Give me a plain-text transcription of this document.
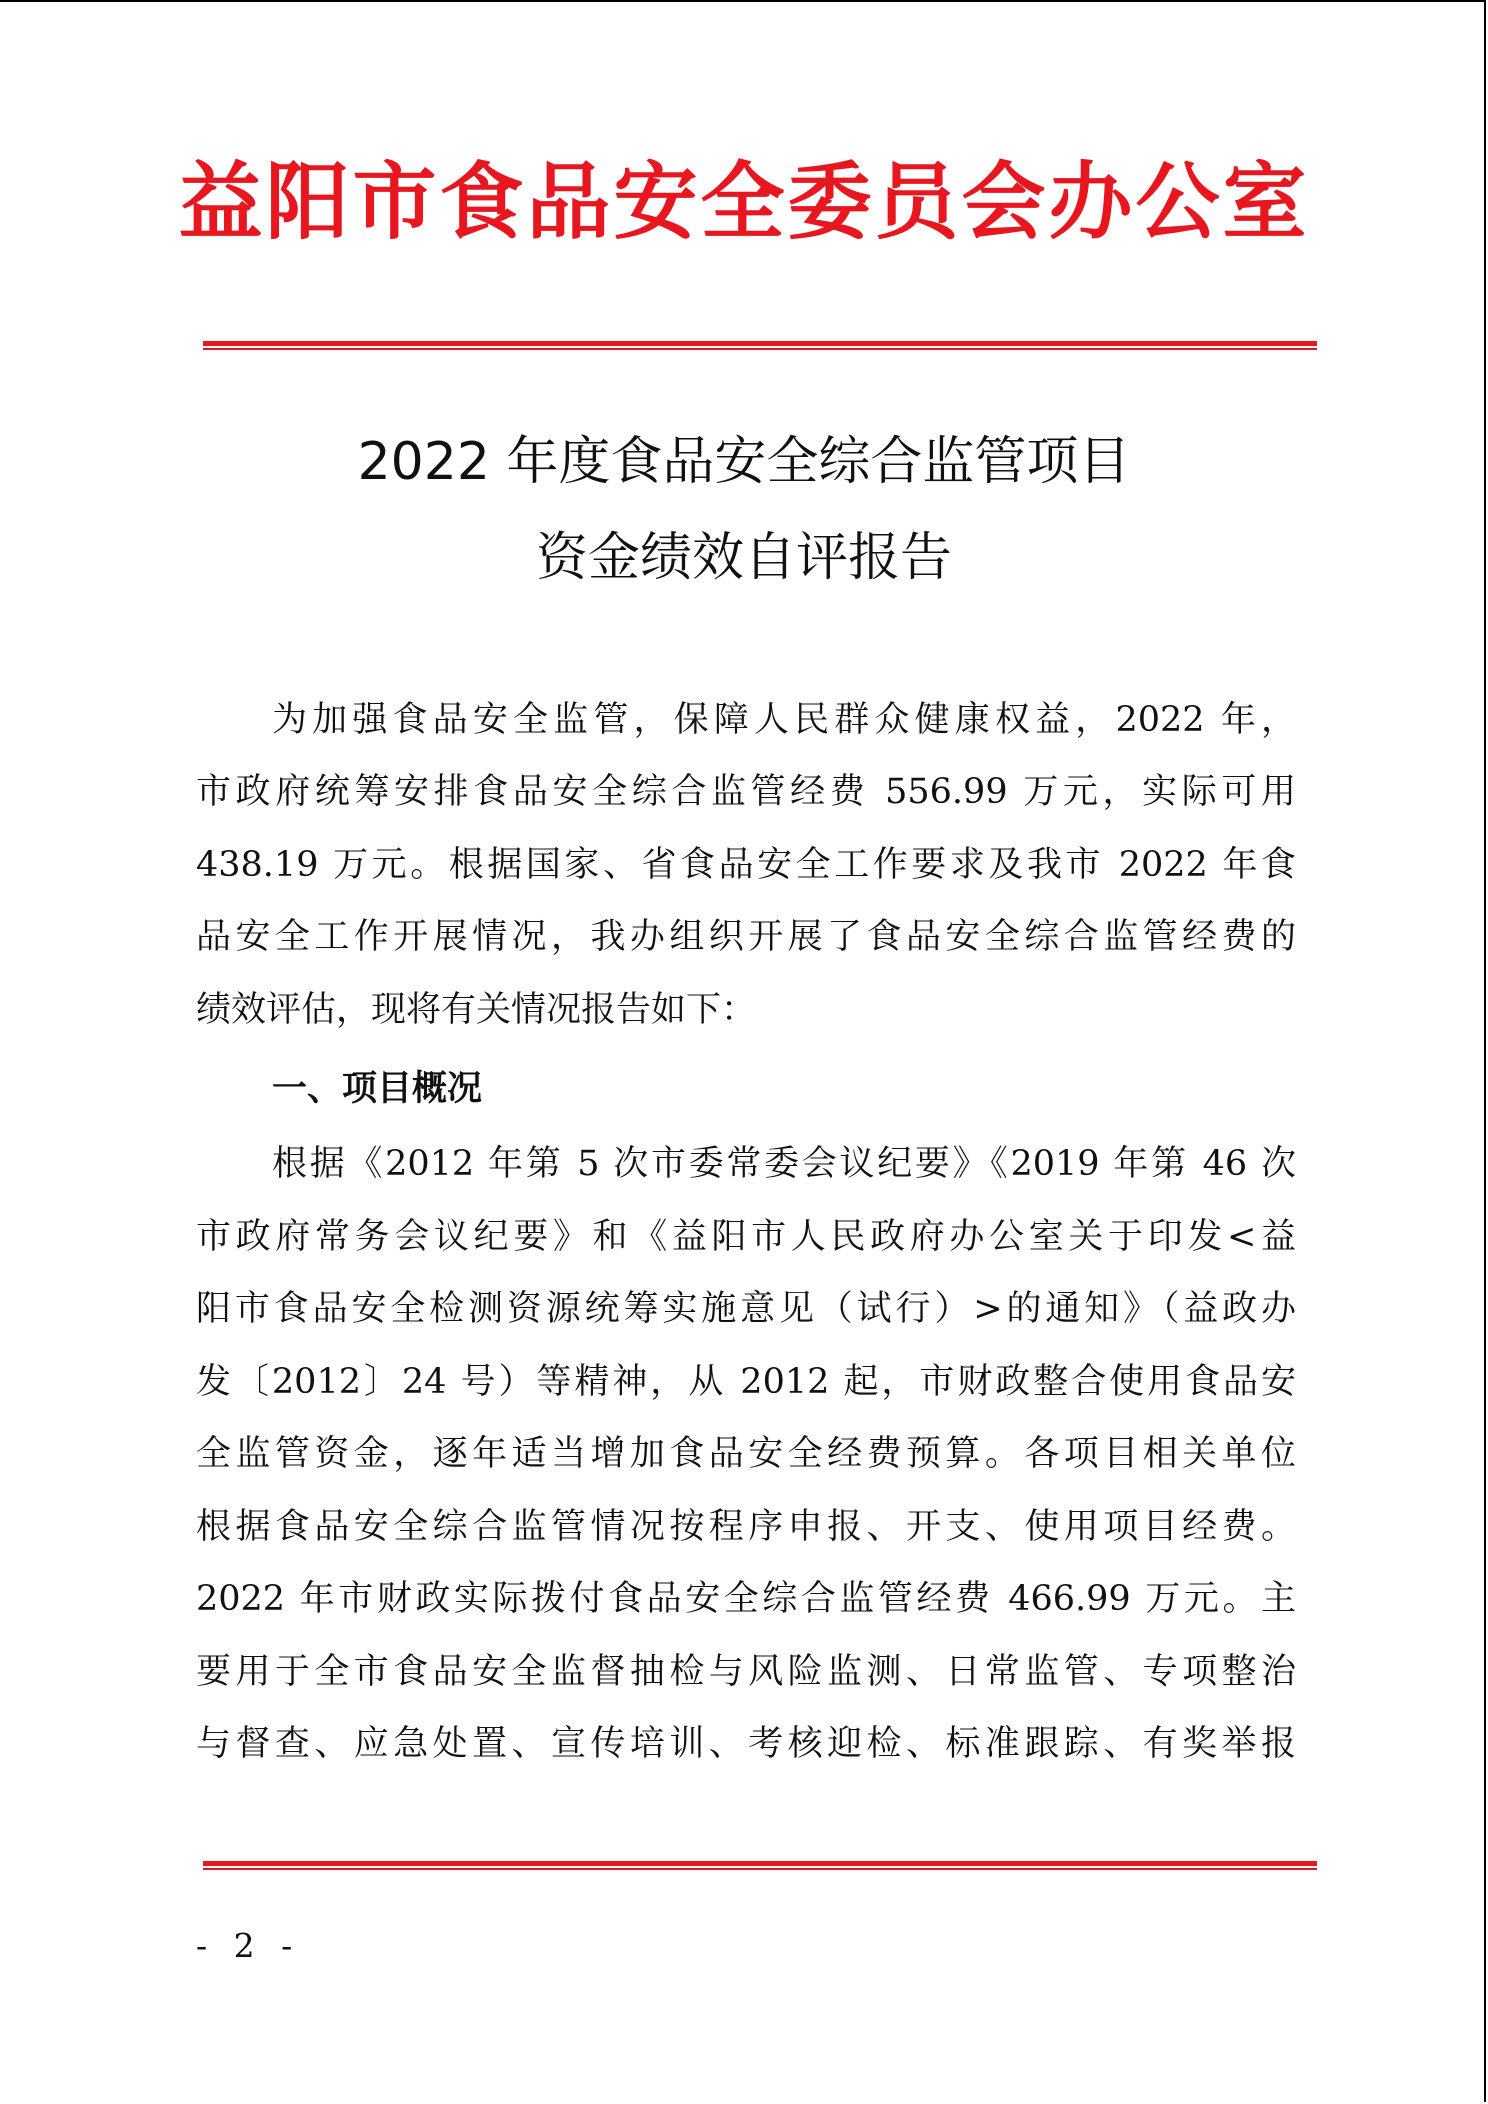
益阳市食品安全委员会办公室
2022 年度食品安全综合监管项目
资金绩效自评报告
为加强食品安全监管，保障人民群众健康权益，2022 年，
市政府统筹安排食品安全综合监管经费 556.99 万元，实际可用
438.19 万元。根据国家、省食品安全工作要求及我市 2022 年食
品安全工作开展情况，我办组织开展了食品安全综合监管经费的
绩效评估，现将有关情况报告如下：
一、项目概况
根据《2012 年第 5 次市委常委会议纪要》《2019 年第 46 次
市政府常务会议纪要》和《益阳市人民政府办公室关于印发<益
阳市食品安全检测资源统筹实施意见（试行）>的通知》（益政办
发〔2012〕24 号）等精神，从 2012 起，市财政整合使用食品安
全监管资金，逐年适当增加食品安全经费预算。各项目相关单位
根据食品安全综合监管情况按程序申报、开支、使用项目经费。
2022 年市财政实际拨付食品安全综合监管经费 466.99 万元。主
要用于全市食品安全监督抽检与风险监测、日常监管、专项整治
与督查、应急处置、宣传培训、考核迎检、标准跟踪、有奖举报
- 2 -
